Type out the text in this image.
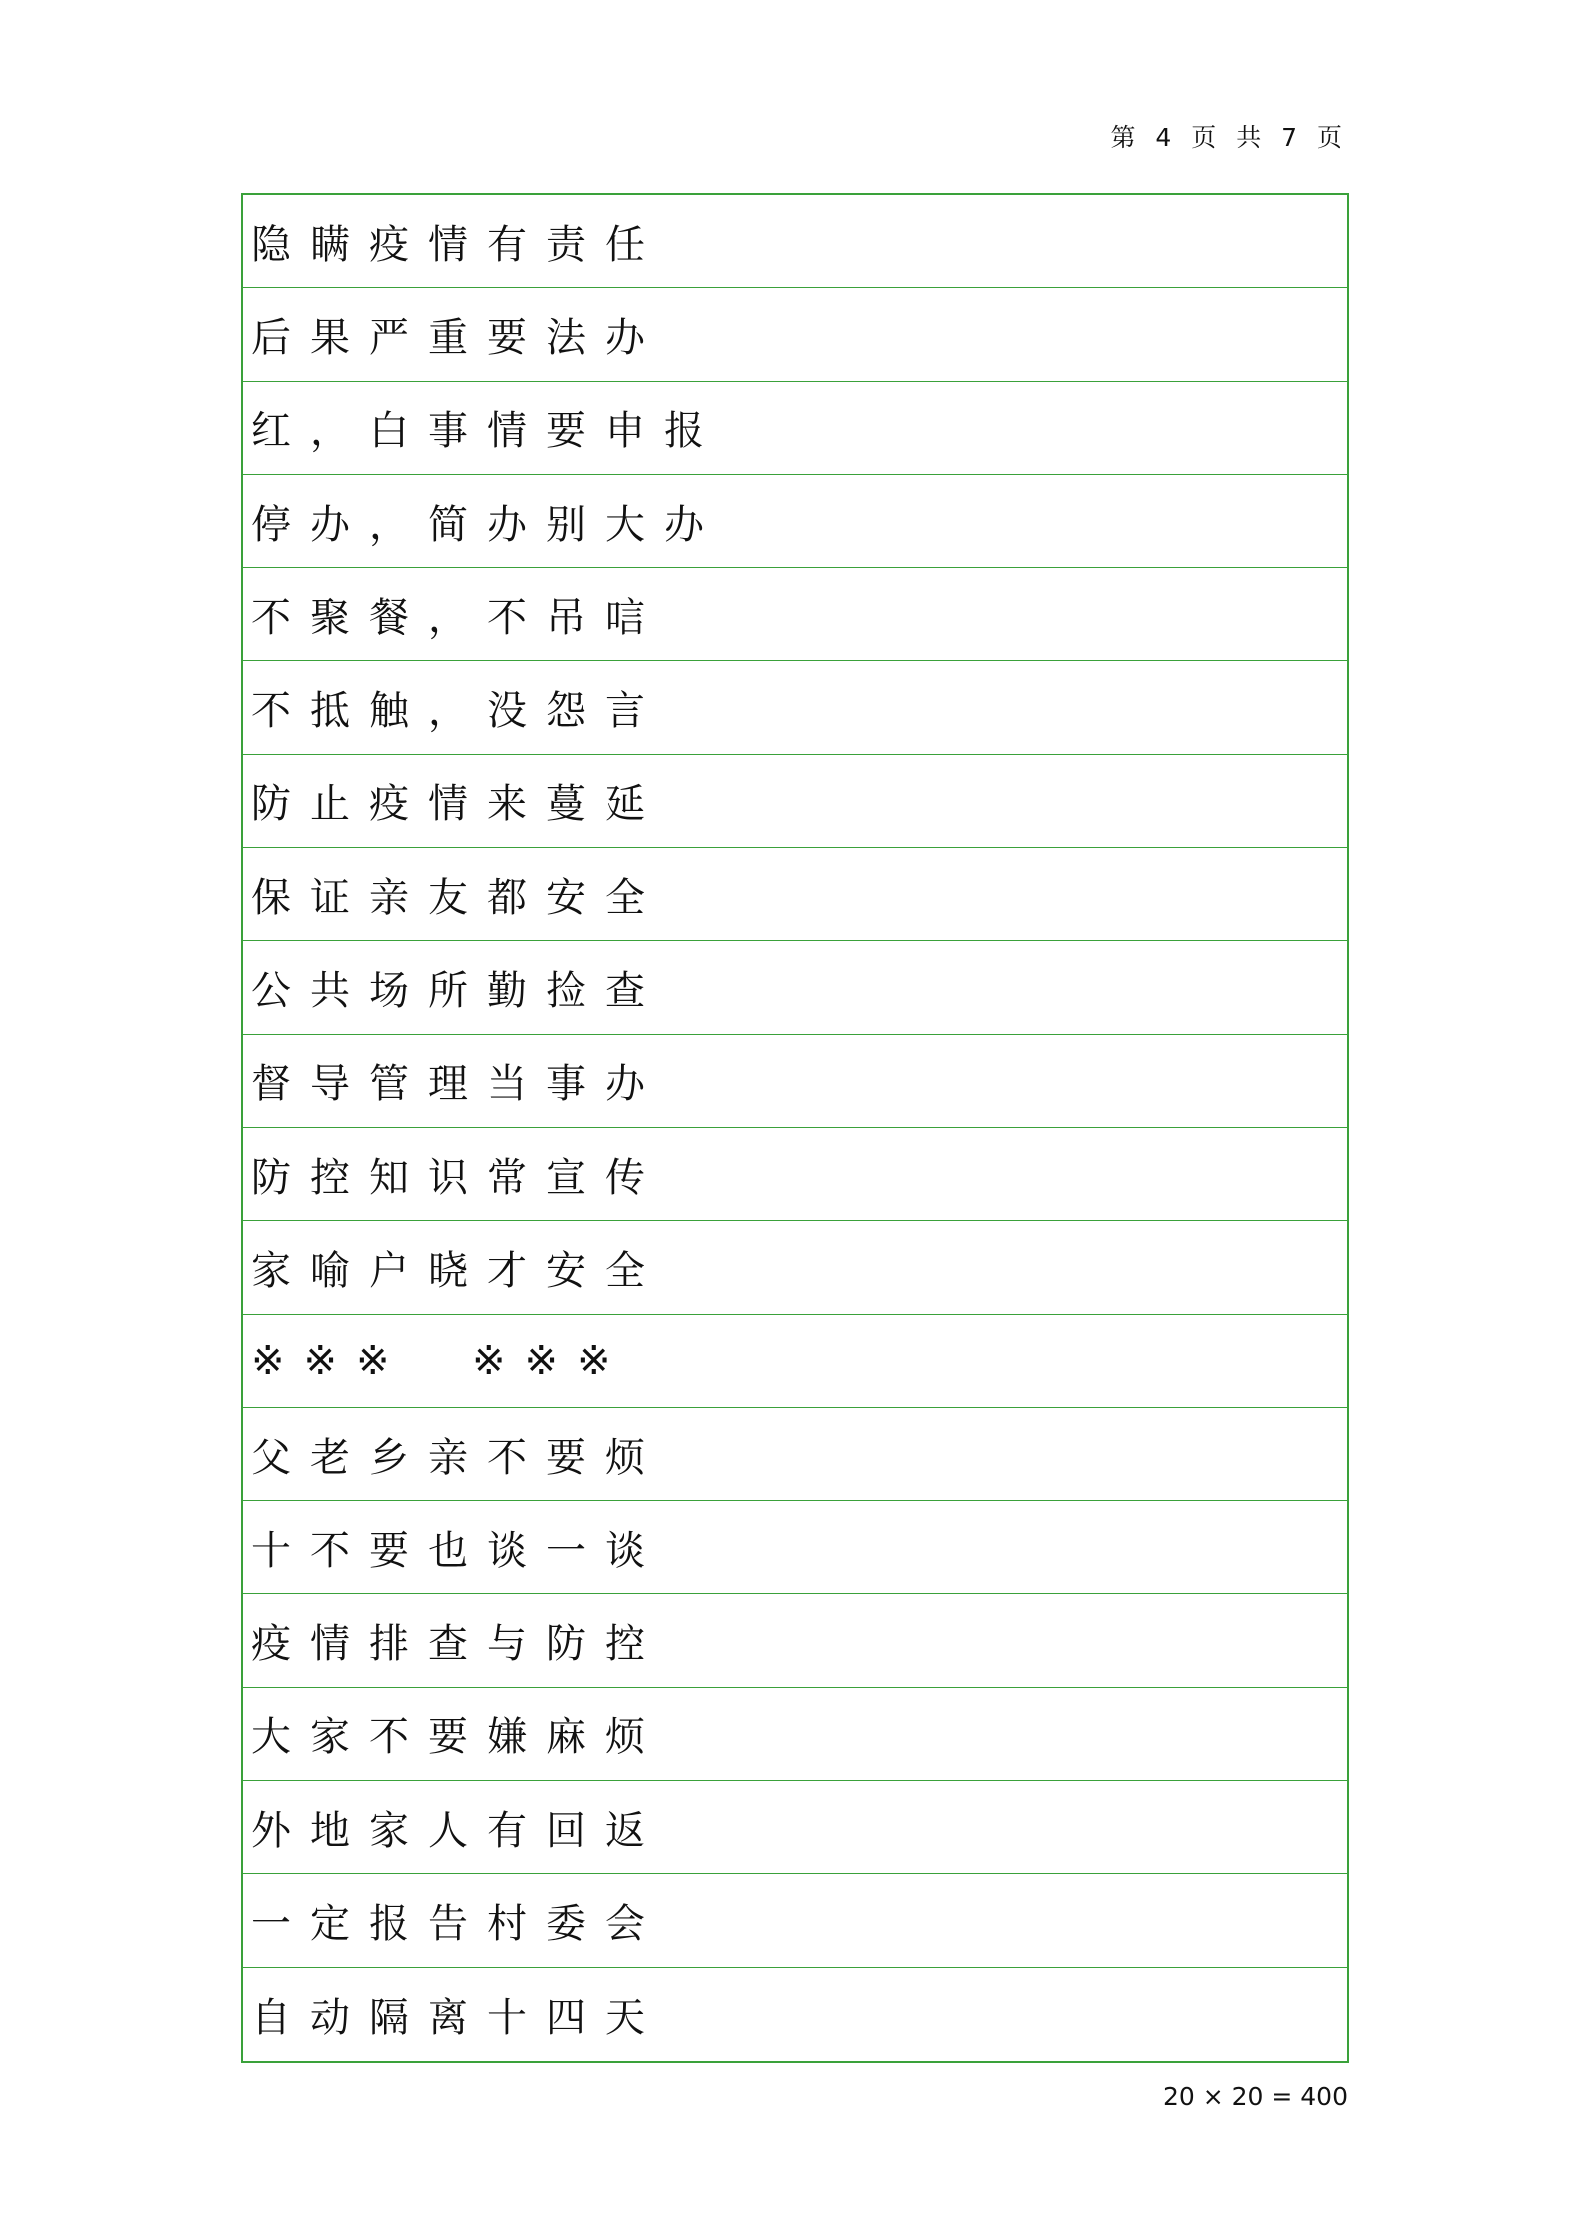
第 4 页 共 7 页
隐瞒疫情有责任
后果严重要法办
红，白事情要申报
停办，简办别大办
不聚餐，不吊唁
不抵触，没怨言
防止疫情来蔓延
保证亲友都安全
公共场所勤捡查
督导管理当事办
防控知识常宣传
家喻户晓才安全
※※※  ※※※
父老乡亲不要烦
十不要也谈一谈
疫情排查与防控
大家不要嫌麻烦
外地家人有回返
一定报告村委会
自动隔离十四天
20 × 20 = 400
